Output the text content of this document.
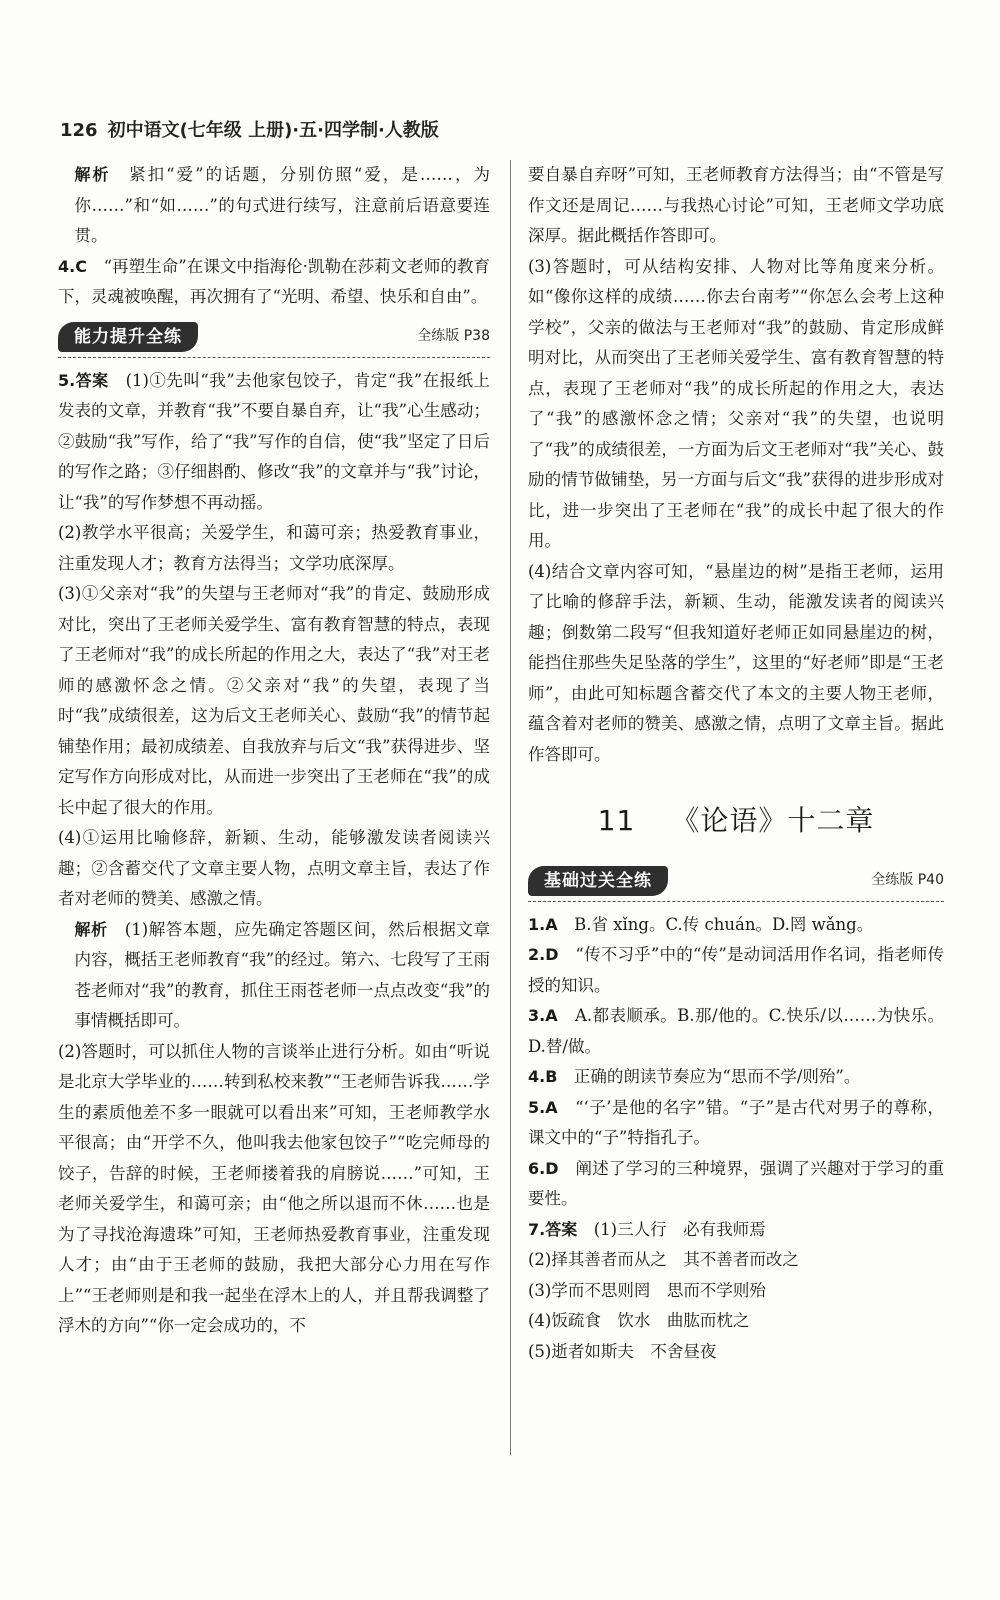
126 初中语文(七年级 上册)·五·四学制·人教版

解析　 紧扣“爱”的话题，分别仿照“爱，是……，为你……”和“如……”的句式进行续写，注意前后语意要连贯。

4.C　 “再塑生命”在课文中指海伦·凯勒在莎莉文老师的教育下，灵魂被唤醒，再次拥有了“光明、希望、快乐和自由”。

能力提升全练	全练版 P38

5.答案　 (1)①先叫“我”去他家包饺子，肯定“我”在报纸上发表的文章，并教育“我”不要自暴自弃，让“我”心生感动；②鼓励“我”写作，给了“我”写作的自信，使“我”坚定了日后的写作之路；③仔细斟酌、修改“我”的文章并与“我”讨论，让“我”的写作梦想不再动摇。

(2)教学水平很高；关爱学生，和蔼可亲；热爱教育事业，注重发现人才；教育方法得当；文学功底深厚。

(3)①父亲对“我”的失望与王老师对“我”的肯定、鼓励形成对比，突出了王老师关爱学生、富有教育智慧的特点，表现了王老师对“我”的成长所起的作用之大，表达了“我”对王老师的感激怀念之情。②父亲对“我”的失望，表现了当时“我”成绩很差，这为后文王老师关心、鼓励“我”的情节起铺垫作用；最初成绩差、自我放弃与后文“我”获得进步、坚定写作方向形成对比，从而进一步突出了王老师在“我”的成长中起了很大的作用。

(4)①运用比喻修辞，新颖、生动，能够激发读者阅读兴趣；②含蓄交代了文章主要人物，点明文章主旨，表达了作者对老师的赞美、感激之情。

解析　 (1)解答本题，应先确定答题区间，然后根据文章内容，概括王老师教育“我”的经过。第六、七段写了王雨苍老师对“我”的教育，抓住王雨苍老师一点点改变“我”的事情概括即可。

(2)答题时，可以抓住人物的言谈举止进行分析。如由“听说是北京大学毕业的……转到私校来教”“王老师告诉我……学生的素质他差不多一眼就可以看出来”可知，王老师教学水平很高；由“开学不久，他叫我去他家包饺子”“吃完师母的饺子，告辞的时候，王老师搂着我的肩膀说……”可知，王老师关爱学生，和蔼可亲；由“他之所以退而不休……也是为了寻找沧海遗珠”可知，王老师热爱教育事业，注重发现人才；由“由于王老师的鼓励，我把大部分心力用在写作上”“王老师则是和我一起坐在浮木上的人，并且帮我调整了浮木的方向”“你一定会成功的，不

要自暴自弃呀”可知，王老师教育方法得当；由“不管是写作文还是周记……与我热心讨论”可知，王老师文学功底深厚。据此概括作答即可。

(3)答题时，可从结构安排、人物对比等角度来分析。如“像你这样的成绩……你去台南考”“你怎么会考上这种学校”，父亲的做法与王老师对“我”的鼓励、肯定形成鲜明对比，从而突出了王老师关爱学生、富有教育智慧的特点，表现了王老师对“我”的成长所起的作用之大，表达了“我”的感激怀念之情；父亲对“我”的失望，也说明了“我”的成绩很差，一方面为后文王老师对“我”关心、鼓励的情节做铺垫，另一方面与后文“我”获得的进步形成对比，进一步突出了王老师在“我”的成长中起了很大的作用。

(4)结合文章内容可知，“悬崖边的树”是指王老师，运用了比喻的修辞手法，新颖、生动，能激发读者的阅读兴趣；倒数第二段写“但我知道好老师正如同悬崖边的树，能挡住那些失足坠落的学生”，这里的“好老师”即是“王老师”，由此可知标题含蓄交代了本文的主要人物王老师，蕴含着对老师的赞美、感激之情，点明了文章主旨。据此作答即可。

11 《论语》十二章
基础过关全练	全练版 P40

1.A　 B.省 xǐng。C.传 chuán。D.罔 wǎng。

2.D　 “传不习乎”中的“传”是动词活用作名词，指老师传授的知识。

3.A　 A.都表顺承。B.那/他的。C.快乐/以……为快乐。D.替/做。

4.B　 正确的朗读节奏应为“思而不学/则殆”。

5.A　 “‘子’是他的名字”错。“子”是古代对男子的尊称，课文中的“子”特指孔子。

6.D　 阐述了学习的三种境界，强调了兴趣对于学习的重要性。

7.答案　 (1)三人行　必有我师焉

(2)择其善者而从之　其不善者而改之

(3)学而不思则罔　思而不学则殆

(4)饭疏食　饮水　曲肱而枕之

(5)逝者如斯夫　不舍昼夜
